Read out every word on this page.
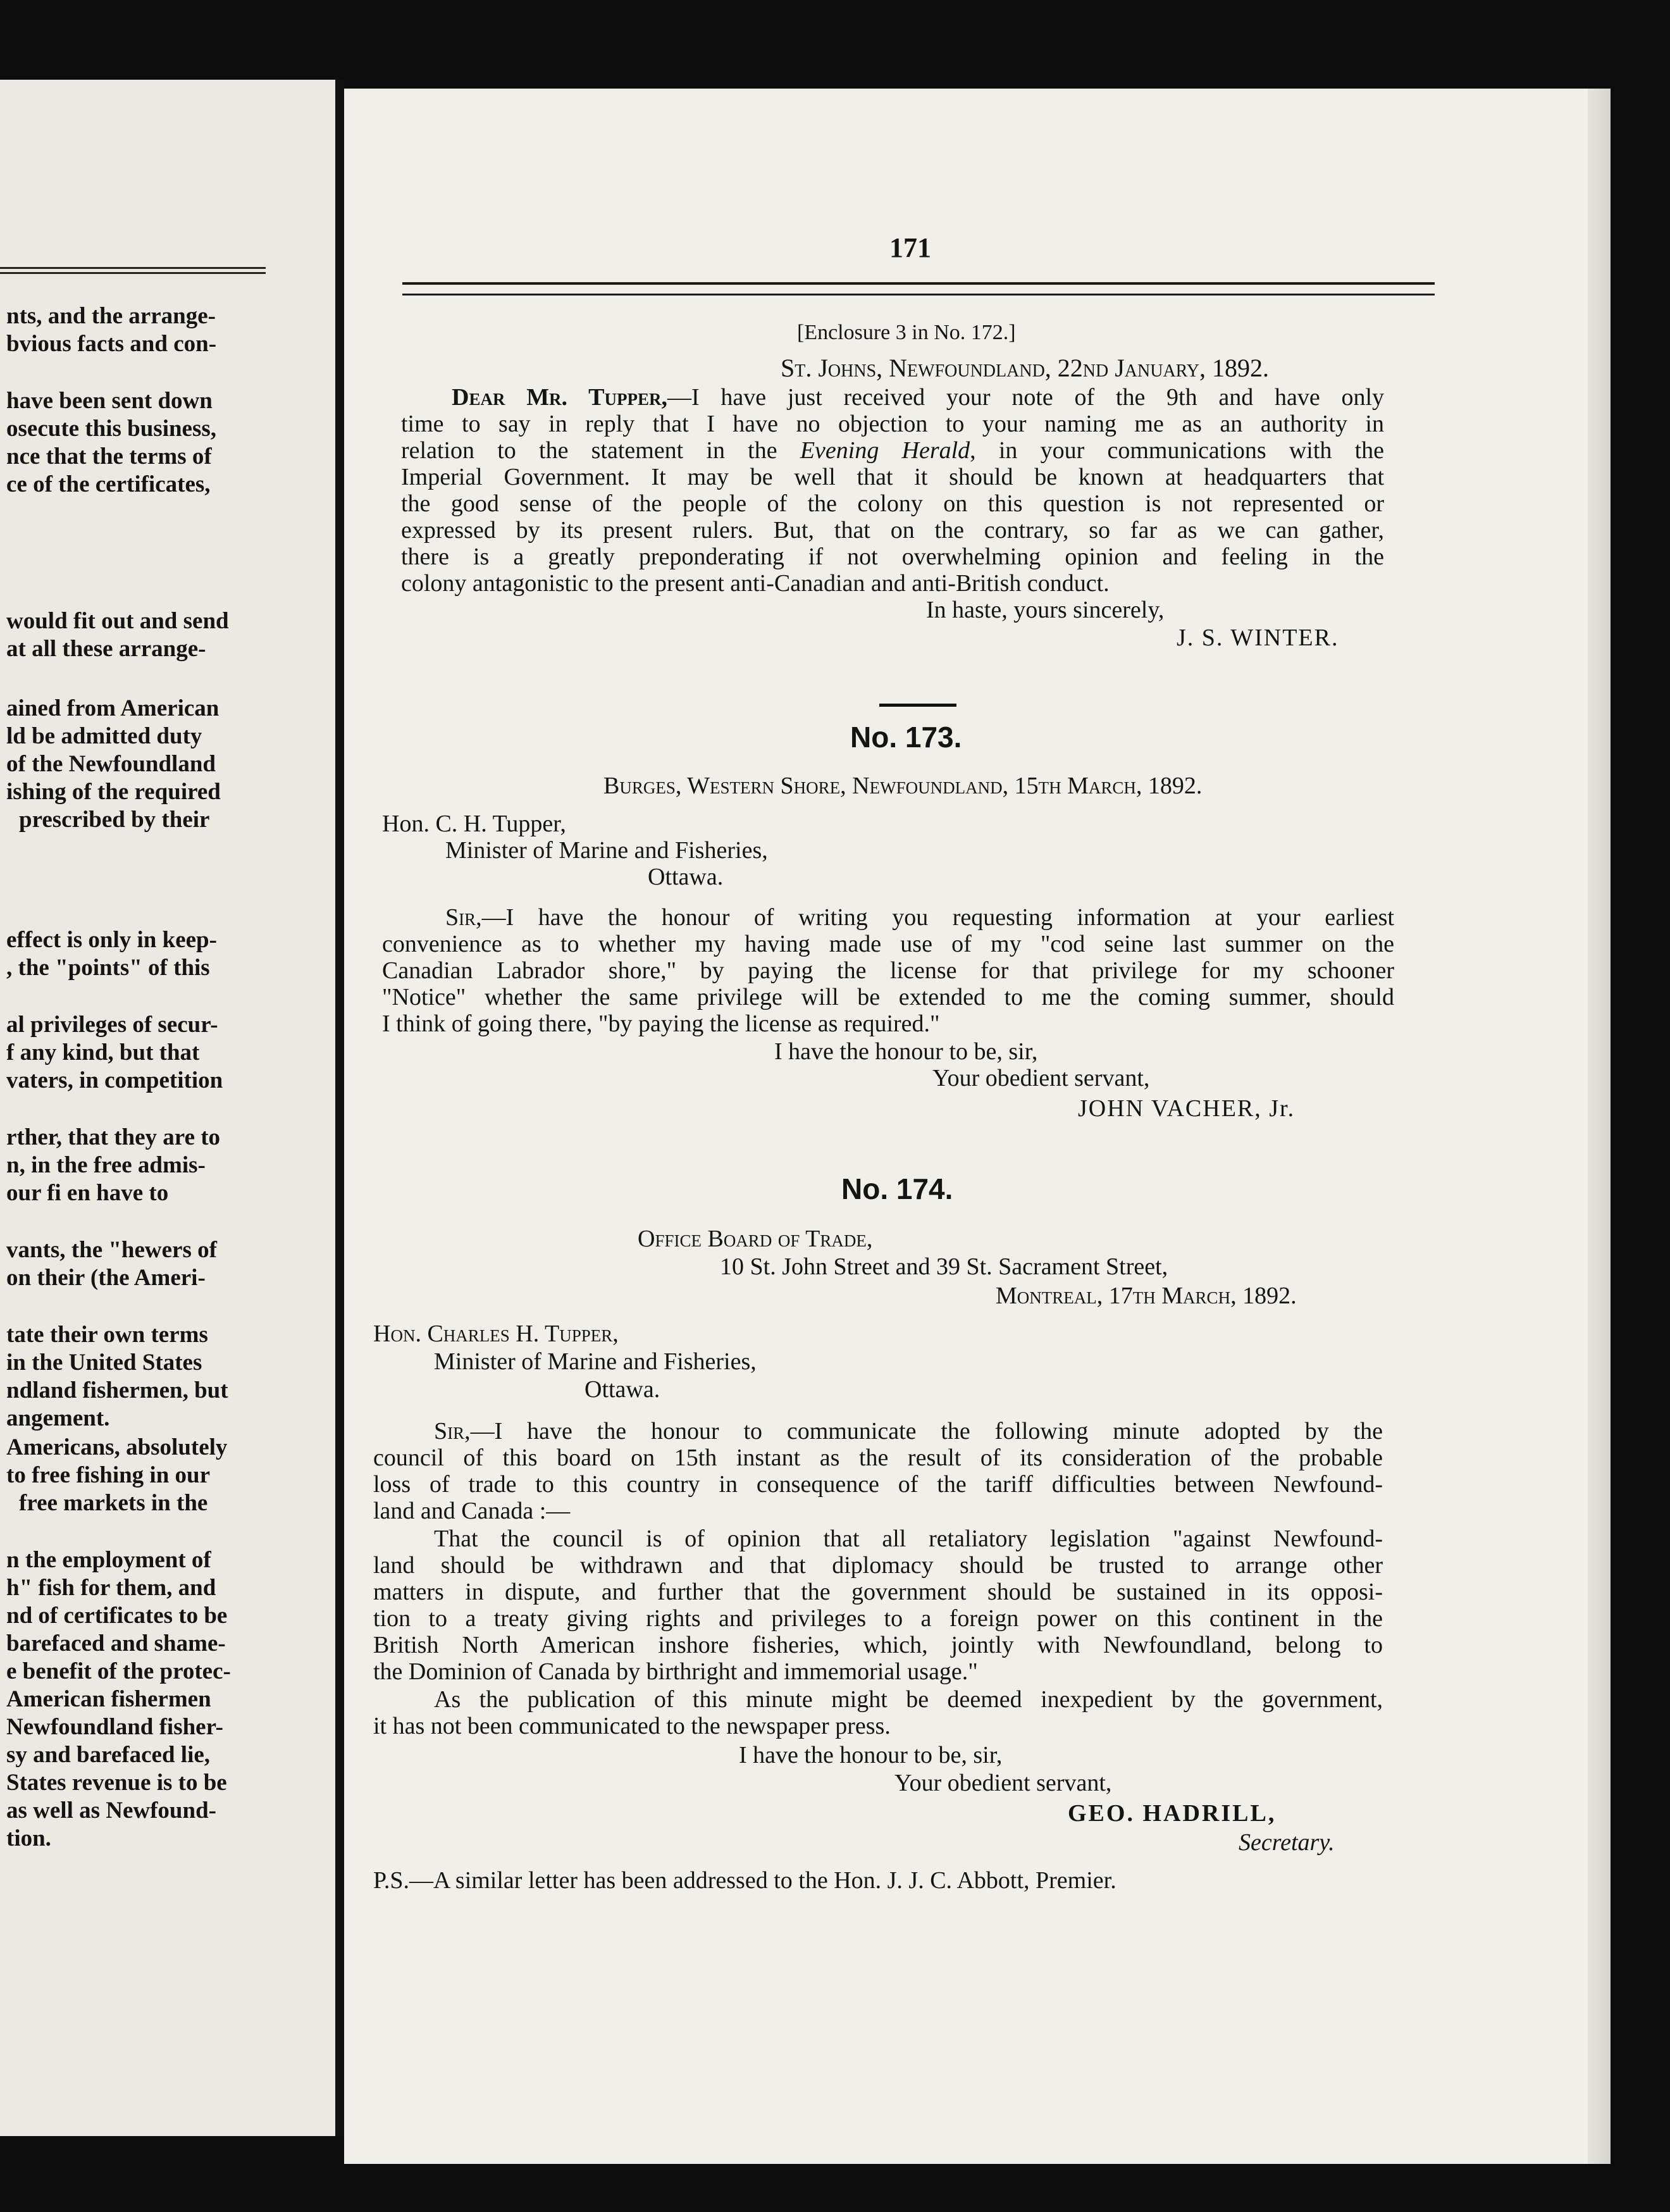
nts, and the arrange-
bvious facts and con-
have been sent down
osecute this business,
nce that the terms of
ce of the certificates,
would fit out and send
at all these arrange-
ained from American
ld be admitted duty
of the Newfoundland
ishing of the required
prescribed by their
effect is only in keep-
, the "points" of this
al privileges of secur-
f any kind, but that
vaters, in competition
rther, that they are to
n, in the free admis-
our fi en have to
vants, the "hewers of
on their (the Ameri-
tate their own terms
in the United States
ndland fishermen, but
angement.
Americans, absolutely
to free fishing in our
free markets in the
n the employment of
h" fish for them, and
nd of certificates to be
barefaced and shame-
e benefit of the protec-
American fishermen
Newfoundland fisher-
sy and barefaced lie,
States revenue is to be
as well as Newfound-
tion.
171
[Enclosure 3 in No. 172.]
St. Johns, Newfoundland, 22nd January, 1892.
Dear Mr. Tupper,—I have just received your note of the 9th and have only
time to say in reply that I have no objection to your naming me as an authority in
relation to the statement in the Evening Herald, in your communications with the
Imperial Government. It may be well that it should be known at headquarters that
the good sense of the people of the colony on this question is not represented or
expressed by its present rulers. But, that on the contrary, so far as we can gather,
there is a greatly preponderating if not overwhelming opinion and feeling in the
colony antagonistic to the present anti-Canadian and anti-British conduct.
In haste, yours sincerely,
J. S. WINTER.
No. 173.
Burges, Western Shore, Newfoundland, 15th March, 1892.
Hon. C. H. Tupper,
Minister of Marine and Fisheries,
Ottawa.
Sir,—I have the honour of writing you requesting information at your earliest
convenience as to whether my having made use of my "cod seine last summer on the
Canadian Labrador shore," by paying the license for that privilege for my schooner
"Notice" whether the same privilege will be extended to me the coming summer, should
I think of going there, "by paying the license as required."
I have the honour to be, sir,
Your obedient servant,
JOHN VACHER, Jr.
No. 174.
Office Board of Trade,
10 St. John Street and 39 St. Sacrament Street,
Montreal, 17th March, 1892.
Hon. Charles H. Tupper,
Minister of Marine and Fisheries,
Ottawa.
Sir,—I have the honour to communicate the following minute adopted by the
council of this board on 15th instant as the result of its consideration of the probable
loss of trade to this country in consequence of the tariff difficulties between Newfound-
land and Canada :—
That the council is of opinion that all retaliatory legislation "against Newfound-
land should be withdrawn and that diplomacy should be trusted to arrange other
matters in dispute, and further that the government should be sustained in its opposi-
tion to a treaty giving rights and privileges to a foreign power on this continent in the
British North American inshore fisheries, which, jointly with Newfoundland, belong to
the Dominion of Canada by birthright and immemorial usage."
As the publication of this minute might be deemed inexpedient by the government,
it has not been communicated to the newspaper press.
I have the honour to be, sir,
Your obedient servant,
GEO. HADRILL,
Secretary.
P.S.—A similar letter has been addressed to the Hon. J. J. C. Abbott, Premier.
